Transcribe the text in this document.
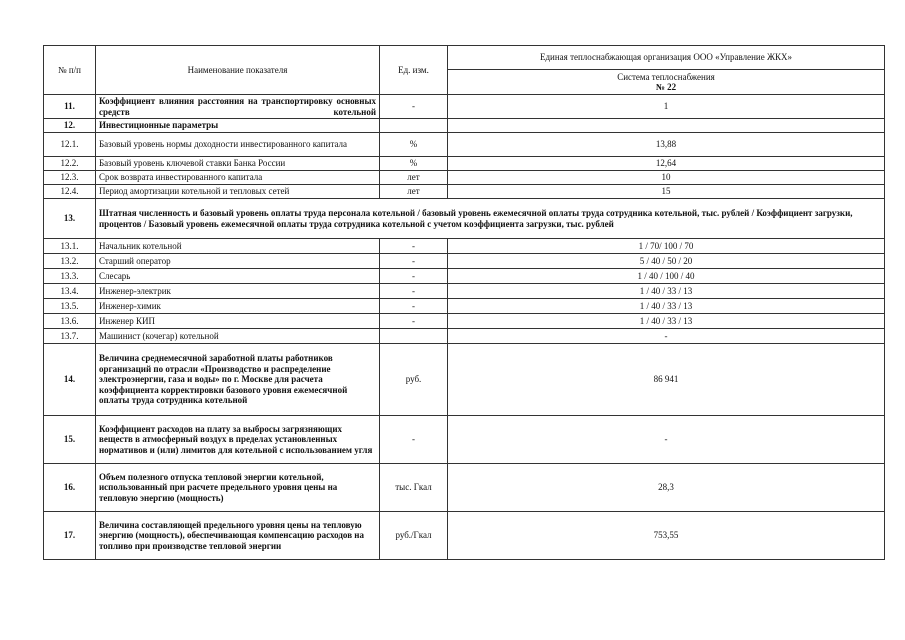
№ п/п	Наименование показателя	Ед. изм.	Единая теплоснабжающая организация ООО «Управление ЖКХ»

			Система теплоснабжения
№ 22

11.	Коэффициент влияния расстояния на транспортировку основных средств котельной	-	1
12.	Инвестиционные параметры		
12.1.	Базовый уровень нормы доходности инвестированного капитала	%	13,88
12.2.	Базовый уровень ключевой ставки Банка России	%	12,64
12.3.	Срок возврата инвестированного капитала	лет	10
12.4.	Период амортизации котельной и тепловых сетей	лет	15
13.	Штатная численность и базовый уровень оплаты труда персонала котельной / базовый уровень ежемесячной оплаты труда сотрудника котельной, тыс. рублей / Коэффициент загрузки, процентов / Базовый уровень ежемесячной оплаты труда сотрудника котельной с учетом коэффициента загрузки, тыс. рублей		
13.1.	Начальник котельной	-	1 / 70/ 100 / 70
13.2.	Старший оператор	-	5 / 40 / 50 / 20
13.3.	Слесарь	-	1 / 40 / 100 / 40
13.4.	Инженер-электрик	-	1 / 40 / 33 / 13
13.5.	Инженер-химик	-	1 / 40 / 33 / 13
13.6.	Инженер КИП	-	1 / 40 / 33 / 13
13.7.	Машинист (кочегар) котельной		-
14.	Величина среднемесячной заработной платы работников организаций по отрасли «Производство и распределение электроэнергии, газа и воды» по г. Москве для расчета коэффициента корректировки базового уровня ежемесячной оплаты труда сотрудника котельной	руб.	86 941
15.	Коэффициент расходов на плату за выбросы загрязняющих веществ в атмосферный воздух в пределах установленных нормативов и (или) лимитов для котельной с использованием угля	-	-
16.	Объем полезного отпуска тепловой энергии котельной, использованный при расчете предельного уровня цены на тепловую энергию (мощность)	тыс. Гкал	28,3
17.	Величина составляющей предельного уровня цены на тепловую энергию (мощность), обеспечивающая компенсацию расходов на топливо при производстве тепловой энергии	руб./Гкал	753,55
